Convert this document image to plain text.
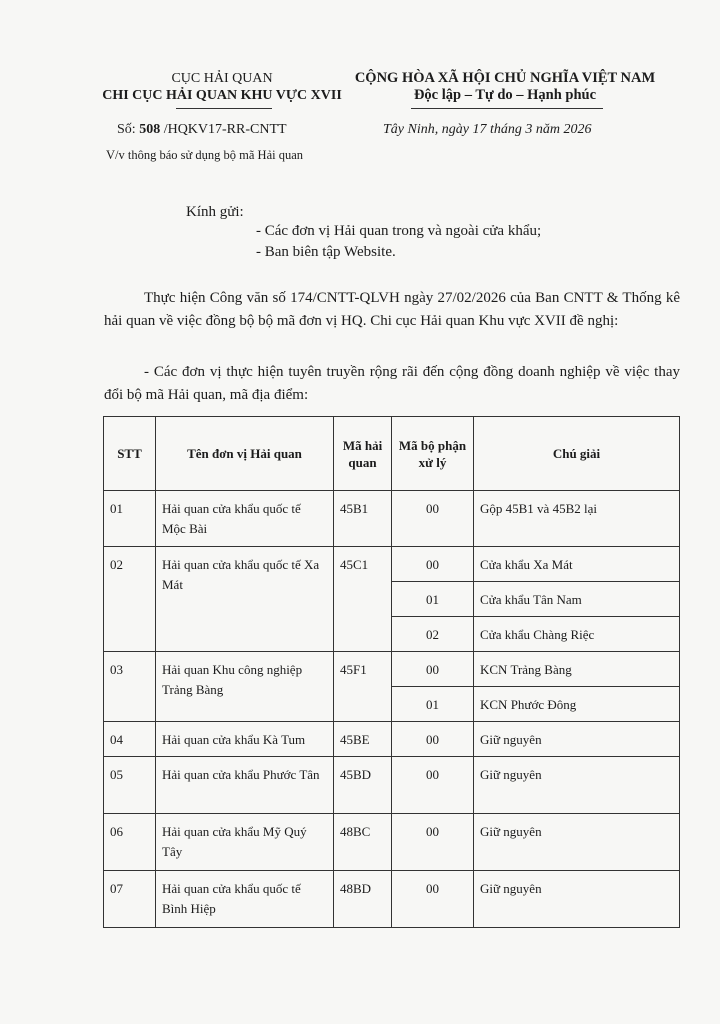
CỤC HẢI QUAN
CHI CỤC HẢI QUAN KHU VỰC XVII
CỘNG HÒA XÃ HỘI CHỦ NGHĨA VIỆT NAM
Độc lập – Tự do – Hạnh phúc
Số: 508 /HQKV17-RR-CNTT	Tây Ninh, ngày 17 tháng 3 năm 2026
V/v thông báo sử dụng bộ mã Hải quan
Kính gửi:
- Các đơn vị Hải quan trong và ngoài cửa khẩu;
- Ban biên tập Website.
Thực hiện Công văn số 174/CNTT-QLVH ngày 27/02/2026 của Ban CNTT & Thống kê hải quan về việc đồng bộ bộ mã đơn vị HQ. Chi cục Hải quan Khu vực XVII đề nghị:
- Các đơn vị thực hiện tuyên truyền rộng rãi đến cộng đồng doanh nghiệp về việc thay đổi bộ mã Hải quan, mã địa điểm:
STT	Tên đơn vị Hải quan	Mã hải quan	Mã bộ phận xử lý	Chú giải
01	Hải quan cửa khẩu quốc tế Mộc Bài	45B1	00	Gộp 45B1 và 45B2 lại
02	Hải quan cửa khẩu quốc tế Xa Mát	45C1	00	Cửa khẩu Xa Mát
			01	Cửa khẩu Tân Nam
			02	Cửa khẩu Chàng Riệc
03	Hải quan Khu công nghiệp Trảng Bàng	45F1	00	KCN Trảng Bàng
			01	KCN Phước Đông
04	Hải quan cửa khẩu Kà Tum	45BE	00	Giữ nguyên
05	Hải quan cửa khẩu Phước Tân	45BD	00	Giữ nguyên
06	Hải quan cửa khẩu Mỹ Quý Tây	48BC	00	Giữ nguyên
07	Hải quan cửa khẩu quốc tế Bình Hiệp	48BD	00	Giữ nguyên
